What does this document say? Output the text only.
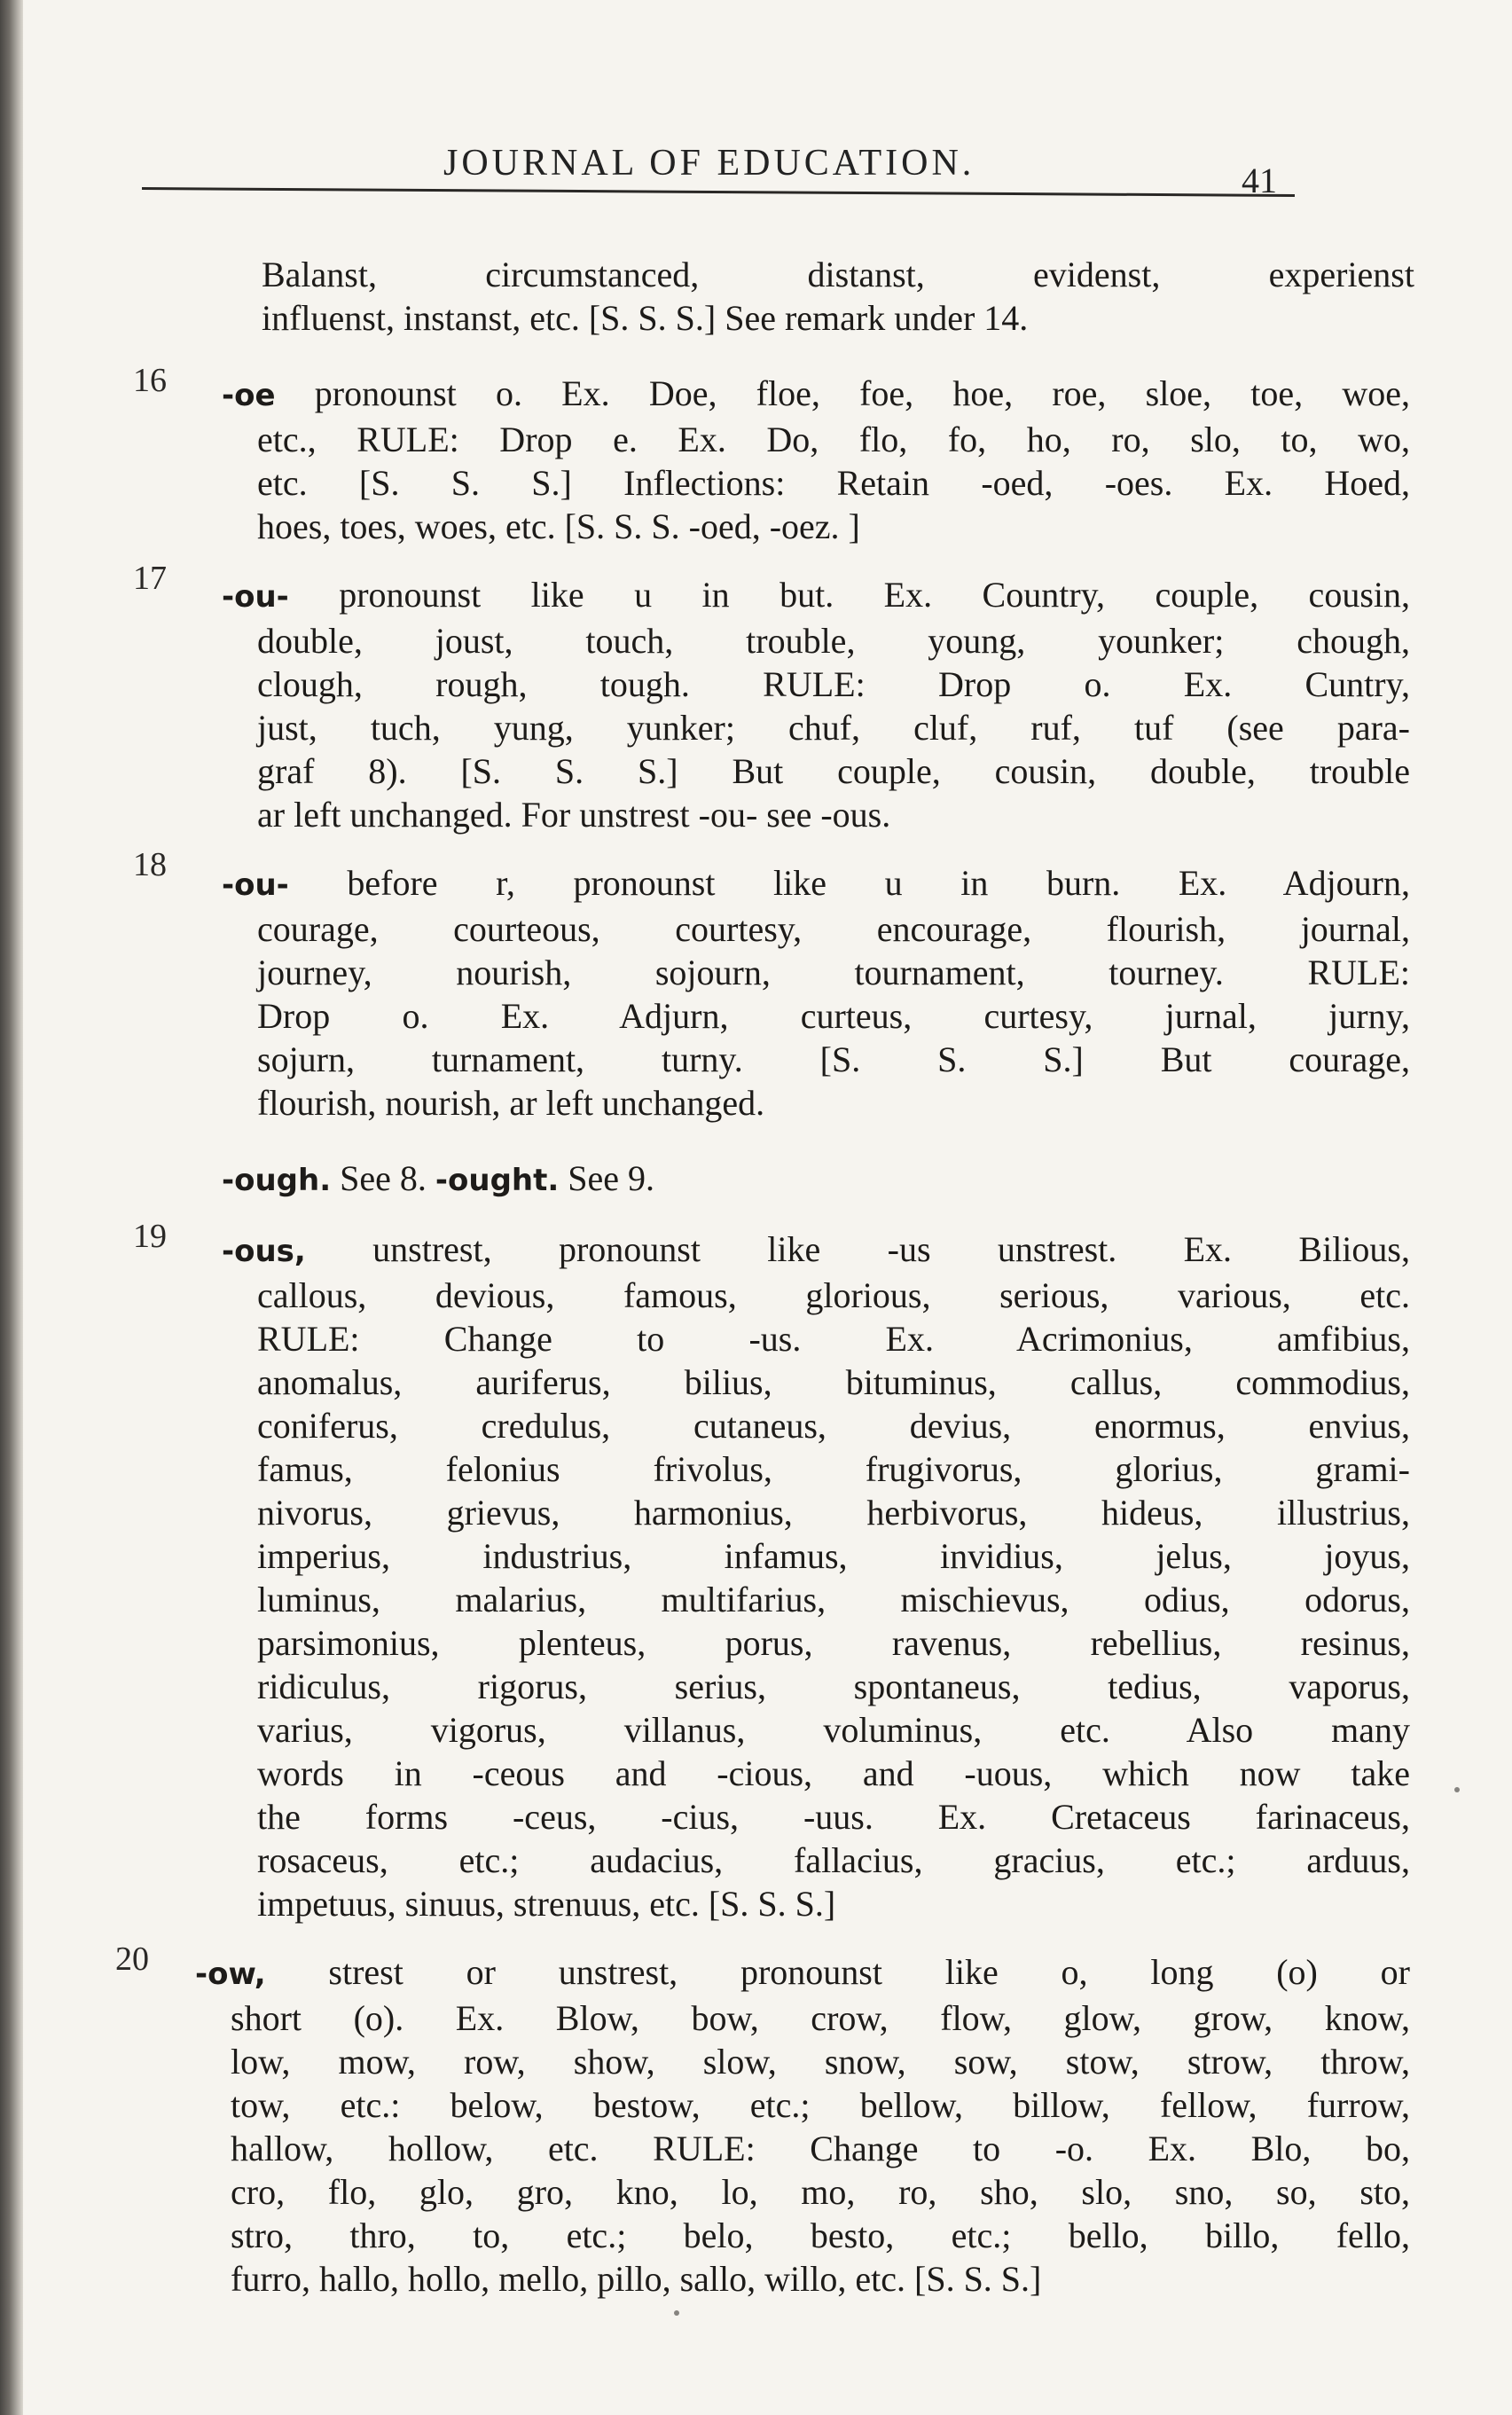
JOURNAL OF EDUCATION.	41
Balanst, circumstanced, distanst, evidenst, experienst
influenst, instanst, etc. [S. S. S.] See remark under 14.
16 -oe pronounst o. Ex. Doe, floe, foe, hoe, roe, sloe, toe, woe,
etc., RULE: Drop e. Ex. Do, flo, fo, ho, ro, slo, to, wo,
etc. [S. S. S.] Inflections: Retain -oed, -oes. Ex. Hoed,
hoes, toes, woes, etc. [S. S. S. -oed, -oez. ]
17 -ou- pronounst like u in but. Ex. Country, couple, cousin,
double, joust, touch, trouble, young, younker; chough,
clough, rough, tough. RULE: Drop o. Ex. Cuntry,
just, tuch, yung, yunker; chuf, cluf, ruf, tuf (see para-
graf 8). [S. S. S.] But couple, cousin, double, trouble
ar left unchanged. For unstrest -ou- see -ous.
18
-ou- before r, pronounst like u in burn. Ex. Adjourn,
courage, courteous, courtesy, encourage, flourish, journal,
journey, nourish, sojourn, tournament, tourney. RULE:
Drop o. Ex. Adjurn, curteus, curtesy, jurnal, jurny,
sojurn, turnament, turny. [S. S. S.] But courage,
flourish, nourish, ar left unchanged.
-ough. See 8. -ought. See 9.
19 -ous, unstrest, pronounst like -us unstrest. Ex. Bilious,
callous, devious, famous, glorious, serious, various, etc.
RULE: Change to -us. Ex. Acrimonius, amfibius,
anomalus, auriferus, bilius, bituminus, callus, commodius,
coniferus, credulus, cutaneus, devius, enormus, envius,
famus, felonius frivolus, frugivorus, glorius, grami-
nivorus, grievus, harmonius, herbivorus, hideus, illustrius,
imperius, industrius, infamus, invidius, jelus, joyus,
luminus, malarius, multifarius, mischievus, odius, odorus,
parsimonius, plenteus, porus, ravenus, rebellius, resinus,
ridiculus, rigorus, serius, spontaneus, tedius, vaporus,
varius, vigorus, villanus, voluminus, etc. Also many
words in -ceous and -cious, and -uous, which now take
the forms -ceus, -cius, -uus. Ex. Cretaceus farinaceus,
rosaceus, etc.; audacius, fallacius, gracius, etc.; arduus,
impetuus, sinuus, strenuus, etc. [S. S. S.]
20 -ow, strest or unstrest, pronounst like o, long (o) or
short (o). Ex. Blow, bow, crow, flow, glow, grow, know,
low, mow, row, show, slow, snow, sow, stow, strow, throw,
tow, etc.: below, bestow, etc.; bellow, billow, fellow, furrow,
hallow, hollow, etc. RULE: Change to -o. Ex. Blo, bo,
cro, flo, glo, gro, kno, lo, mo, ro, sho, slo, sno, so, sto,
stro, thro, to, etc.; belo, besto, etc.; bello, billo, fello,
furro, hallo, hollo, mello, pillo, sallo, willo, etc. [S. S. S.]
